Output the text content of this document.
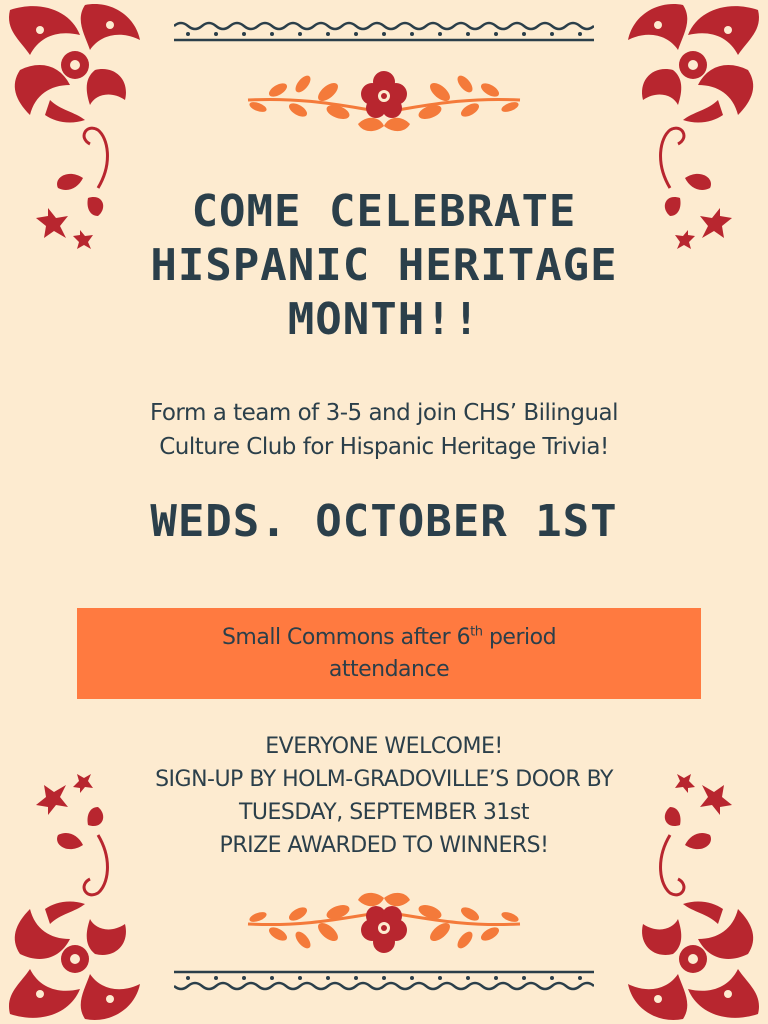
COME CELEBRATE
HISPANIC HERITAGE
MONTH!!
Form a team of 3-5 and join CHS’ Bilingual
Culture Club for Hispanic Heritage Trivia!
WEDS. OCTOBER 1ST
Small Commons after 6th period
attendance
EVERYONE WELCOME!
SIGN-UP BY HOLM-GRADOVILLE’S DOOR BY
TUESDAY, SEPTEMBER 31st
PRIZE AWARDED TO WINNERS!
